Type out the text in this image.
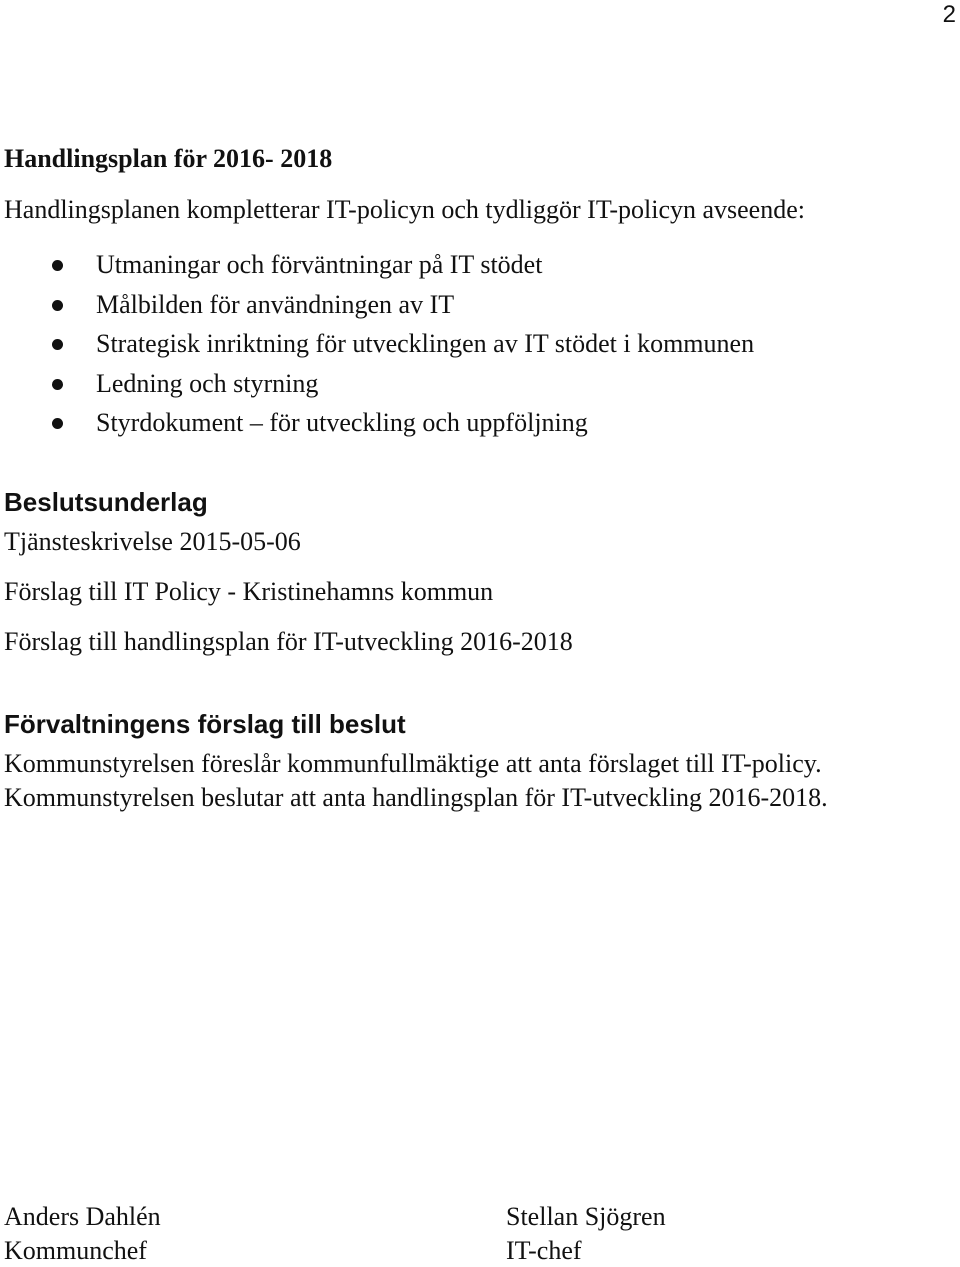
2
Handlingsplan för 2016- 2018
Handlingsplanen kompletterar IT-policyn och tydliggör IT-policyn avseende:
Utmaningar och förväntningar på IT stödet
Målbilden för användningen av IT
Strategisk inriktning för utvecklingen av IT stödet i kommunen
Ledning och styrning
Styrdokument – för utveckling och uppföljning
Beslutsunderlag
Tjänsteskrivelse 2015-05-06
Förslag till IT Policy - Kristinehamns kommun
Förslag till handlingsplan för IT-utveckling 2016-2018
Förvaltningens förslag till beslut
Kommunstyrelsen föreslår kommunfullmäktige att anta förslaget till IT-policy.
Kommunstyrelsen beslutar att anta handlingsplan för IT-utveckling 2016-2018.
Anders Dahlén
Kommunchef
Stellan Sjögren
IT-chef
